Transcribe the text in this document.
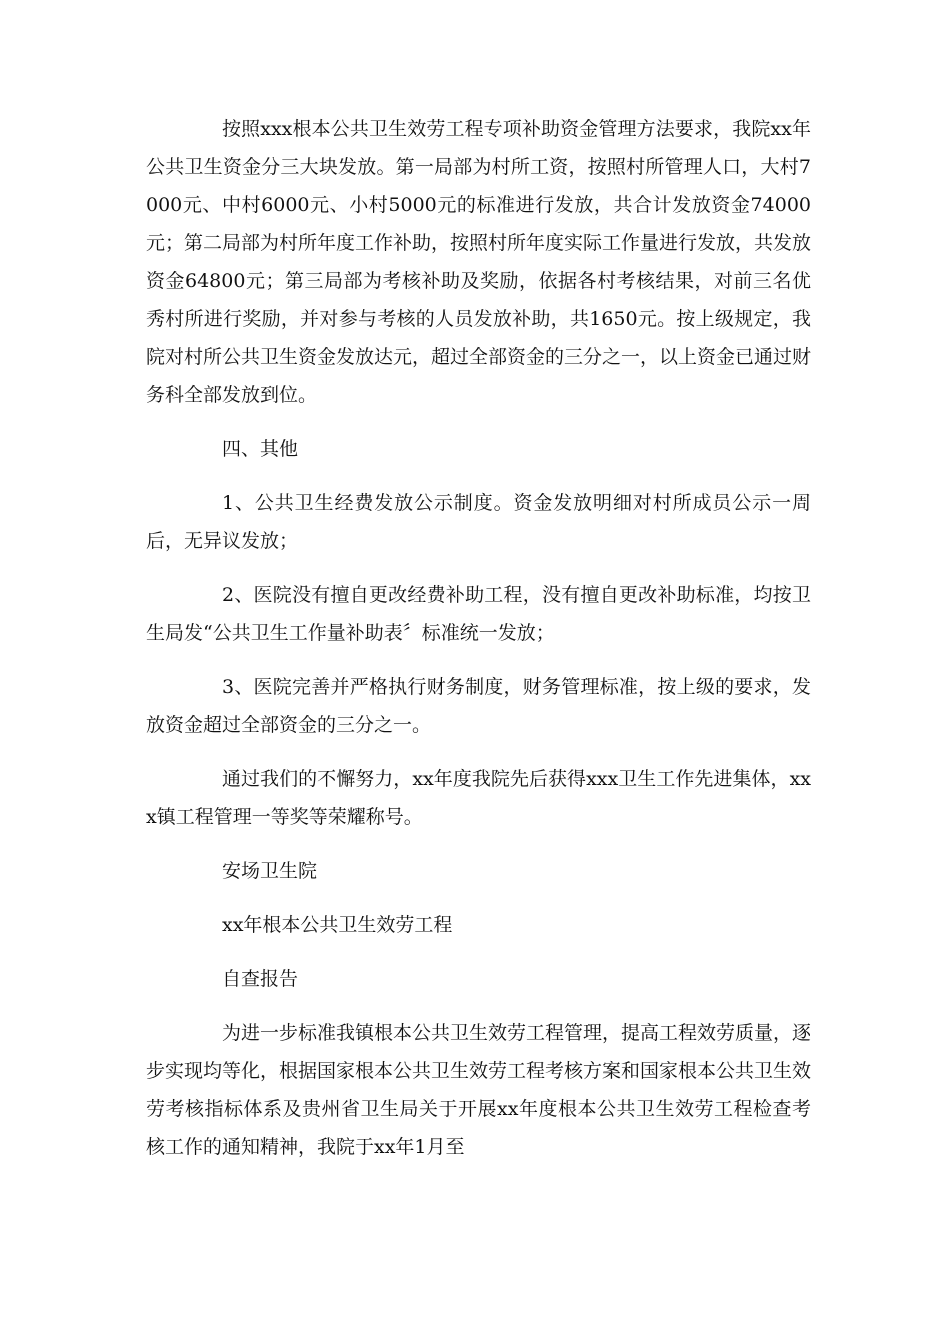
按照xxx根本公共卫生效劳工程专项补助资金管理方法要求，我院xx年公共卫生资金分三大块发放。第一局部为村所工资，按照村所管理人口，大村7000元、中村6000元、小村5000元的标准进行发放，共合计发放资金74000元；第二局部为村所年度工作补助，按照村所年度实际工作量进行发放，共发放资金64800元；第三局部为考核补助及奖励，依据各村考核结果，对前三名优秀村所进行奖励，并对参与考核的人员发放补助，共1650元。按上级规定，我院对村所公共卫生资金发放达元，超过全部资金的三分之一，以上资金已通过财务科全部发放到位。

四、其他

1、公共卫生经费发放公示制度。资金发放明细对村所成员公示一周后，无异议发放；

2、医院没有擅自更改经费补助工程，没有擅自更改补助标准，均按卫生局发“公共卫生工作量补助表〞标准统一发放；

3、医院完善并严格执行财务制度，财务管理标准，按上级的要求，发放资金超过全部资金的三分之一。

通过我们的不懈努力，xx年度我院先后获得xxx卫生工作先进集体，xxx镇工程管理一等奖等荣耀称号。

安场卫生院

xx年根本公共卫生效劳工程

自查报告

为进一步标准我镇根本公共卫生效劳工程管理，提高工程效劳质量，逐步实现均等化，根据国家根本公共卫生效劳工程考核方案和国家根本公共卫生效劳考核指标体系及贵州省卫生局关于开展xx年度根本公共卫生效劳工程检查考核工作的通知精神，我院于xx年1月至
